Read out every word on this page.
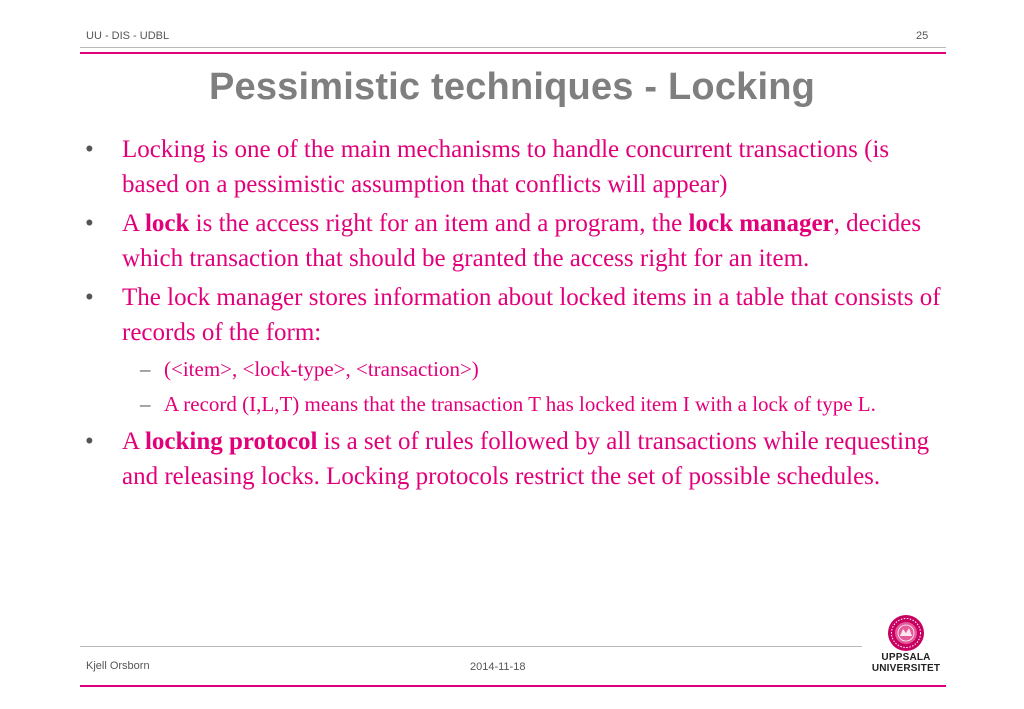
UU - DIS - UDBL	25
Pessimistic techniques - Locking
• Locking is one of the main mechanisms to handle concurrent transactions (is based on a pessimistic assumption that conflicts will appear)
• A lock is the access right for an item and a program, the lock manager, decides which transaction that should be granted the access right for an item.
• The lock manager stores information about locked items in a table that consists of records of the form:
– (<item>, <lock-type>, <transaction>)
– A record (I,L,T) means that the transaction T has locked item I with a lock of type L.
• A locking protocol is a set of rules followed by all transactions while requesting and releasing locks. Locking protocols restrict the set of possible schedules.
Kjell Orsborn	2014-11-18
UPPSALA
UNIVERSITET
